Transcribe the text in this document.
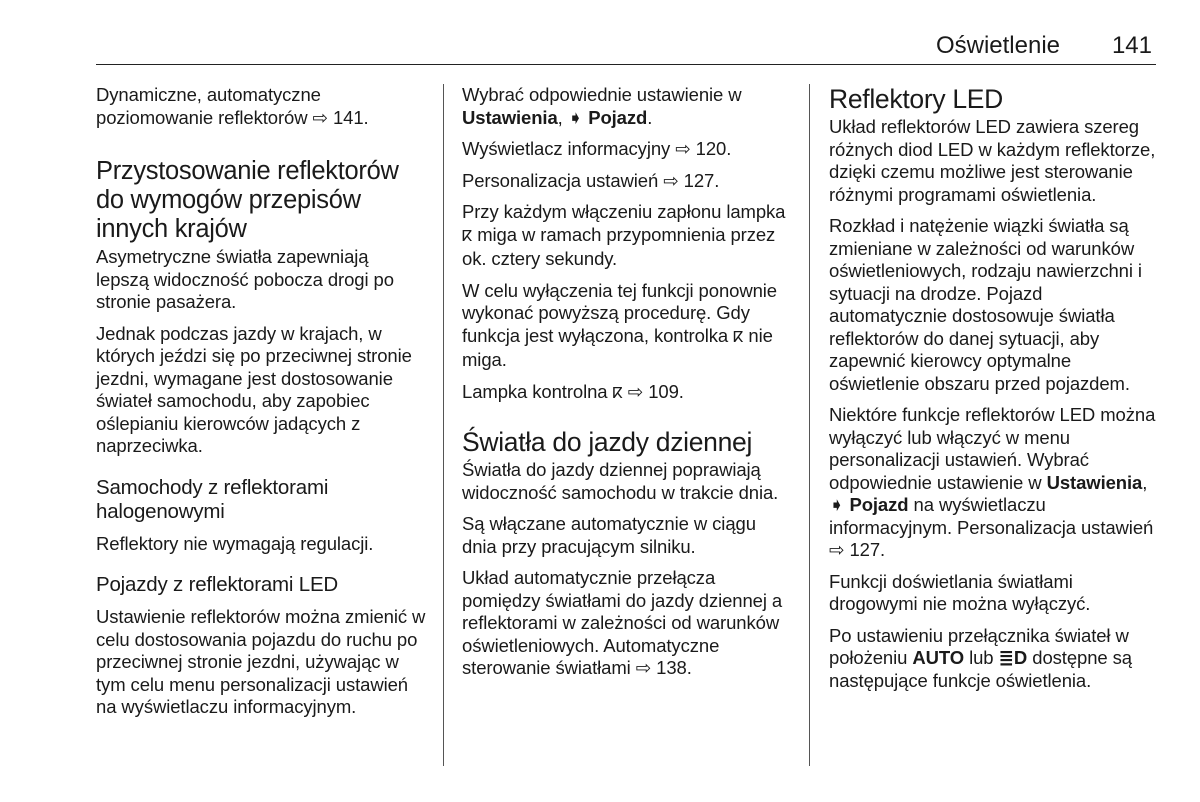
Oświetlenie 141

Dynamiczne, automatyczne poziomowanie reflektorów ⇨ 141.

Przystosowanie reflektorów do wymogów przepisów innych krajów

Asymetryczne światła zapewniają lepszą widoczność pobocza drogi po stronie pasażera.

Jednak podczas jazdy w krajach, w których jeździ się po przeciwnej stronie jezdni, wymagane jest dostosowanie świateł samochodu, aby zapobiec oślepianiu kierowców jadących z naprzeciwka.

Samochody z reflektorami halogenowymi

Reflektory nie wymagają regulacji.

Pojazdy z reflektorami LED

Ustawienie reflektorów można zmienić w celu dostosowania pojazdu do ruchu po przeciwnej stronie jezdni, używając w tym celu menu personalizacji ustawień na wyświetlaczu informacyjnym.

Wybrać odpowiednie ustawienie w Ustawienia, ➧ Pojazd.

Wyświetlacz informacyjny ⇨ 120.

Personalizacja ustawień ⇨ 127.

Przy każdym włączeniu zapłonu lampka ⴽ miga w ramach przypomnienia przez ok. cztery sekundy.

W celu wyłączenia tej funkcji ponownie wykonać powyższą procedurę. Gdy funkcja jest wyłączona, kontrolka ⴽ nie miga.

Lampka kontrolna ⴽ ⇨ 109.

Światła do jazdy dziennej

Światła do jazdy dziennej poprawiają widoczność samochodu w trakcie dnia.

Są włączane automatycznie w ciągu dnia przy pracującym silniku.

Układ automatycznie przełącza pomiędzy światłami do jazdy dziennej a reflektorami w zależności od warunków oświetleniowych. Automatyczne sterowanie światłami ⇨ 138.

Reflektory LED

Układ reflektorów LED zawiera szereg różnych diod LED w każdym reflektorze, dzięki czemu możliwe jest sterowanie różnymi programami oświetlenia.

Rozkład i natężenie wiązki światła są zmieniane w zależności od warunków oświetleniowych, rodzaju nawierzchni i sytuacji na drodze. Pojazd automatycznie dostosowuje światła reflektorów do danej sytuacji, aby zapewnić kierowcy optymalne oświetlenie obszaru przed pojazdem.

Niektóre funkcje reflektorów LED można wyłączyć lub włączyć w menu personalizacji ustawień. Wybrać odpowiednie ustawienie w Ustawienia, ➧ Pojazd na wyświetlaczu informacyjnym. Personalizacja ustawień ⇨ 127.

Funkcji doświetlania światłami drogowymi nie można wyłączyć.

Po ustawieniu przełącznika świateł w położeniu AUTO lub ≣D dostępne są następujące funkcje oświetlenia.
